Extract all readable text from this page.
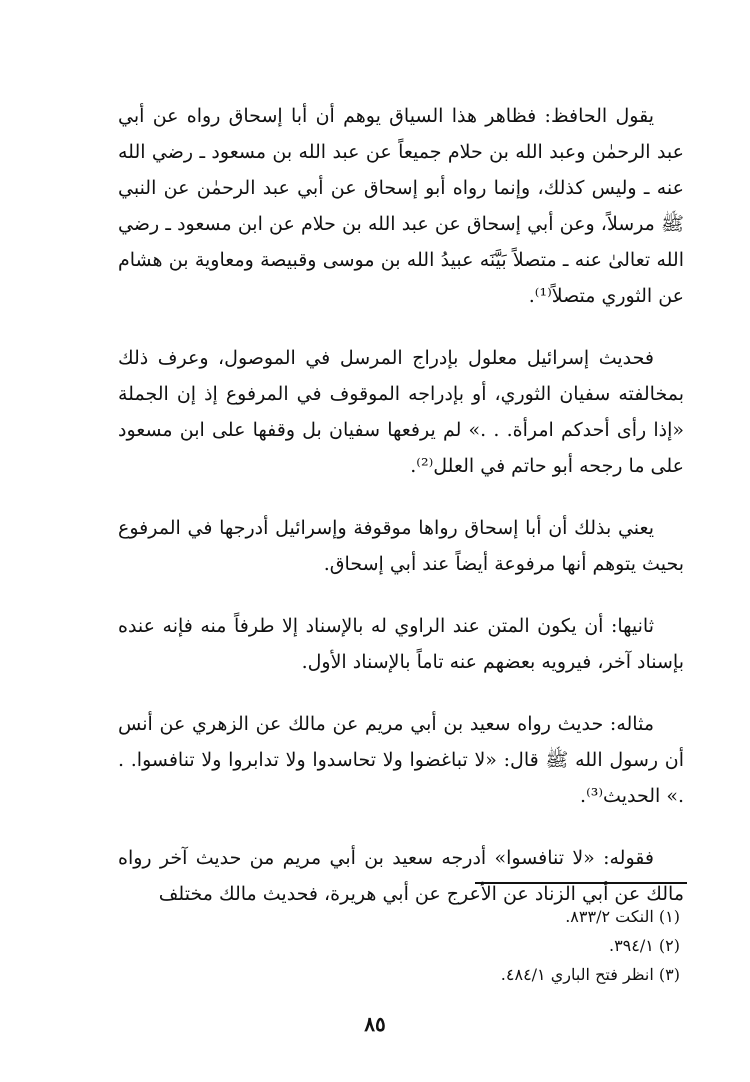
يقول الحافظ: فظاهر هذا السياق يوهم أن أبا إسحاق رواه عن أبي عبد الرحمٰن وعبد الله بن حلام جميعاً عن عبد الله بن مسعود ـ رضي الله عنه ـ وليس كذلك، وإنما رواه أبو إسحاق عن أبي عبد الرحمٰن عن النبي ﷺ مرسلاً، وعن أبي إسحاق عن عبد الله بن حلام عن ابن مسعود ـ رضي الله تعالىٰ عنه ـ متصلاً بَيَّنَه عبيدُ الله بن موسى وقبيصة ومعاوية بن هشام عن الثوري متصلاً⁽¹⁾.

فحديث إسرائيل معلول بإدراج المرسل في الموصول، وعرف ذلك بمخالفته سفيان الثوري، أو بإدراجه الموقوف في المرفوع إذ إن الجملة «إذا رأى أحدكم امرأة. . .» لم يرفعها سفيان بل وقفها على ابن مسعود على ما رجحه أبو حاتم في العلل⁽²⁾.

يعني بذلك أن أبا إسحاق رواها موقوفة وإسرائيل أدرجها في المرفوع بحيث يتوهم أنها مرفوعة أيضاً عند أبي إسحاق.

ثانيها: أن يكون المتن عند الراوي له بالإسناد إلا طرفاً منه فإنه عنده بإسناد آخر، فيرويه بعضهم عنه تاماً بالإسناد الأول.

مثاله: حديث رواه سعيد بن أبي مريم عن مالك عن الزهري عن أنس أن رسول الله ﷺ قال: «لا تباغضوا ولا تحاسدوا ولا تدابروا ولا تنافسوا. . .» الحديث⁽³⁾.

فقوله: «لا تنافسوا» أدرجه سعيد بن أبي مريم من حديث آخر رواه مالك عن أبي الزناد عن الأعرج عن أبي هريرة، فحديث مالك مختلف

(١) النكت ٨٣٣/٢.

(٢) ٣٩٤/١.

(٣) انظر فتح الباري ٤٨٤/١.

٨٥
